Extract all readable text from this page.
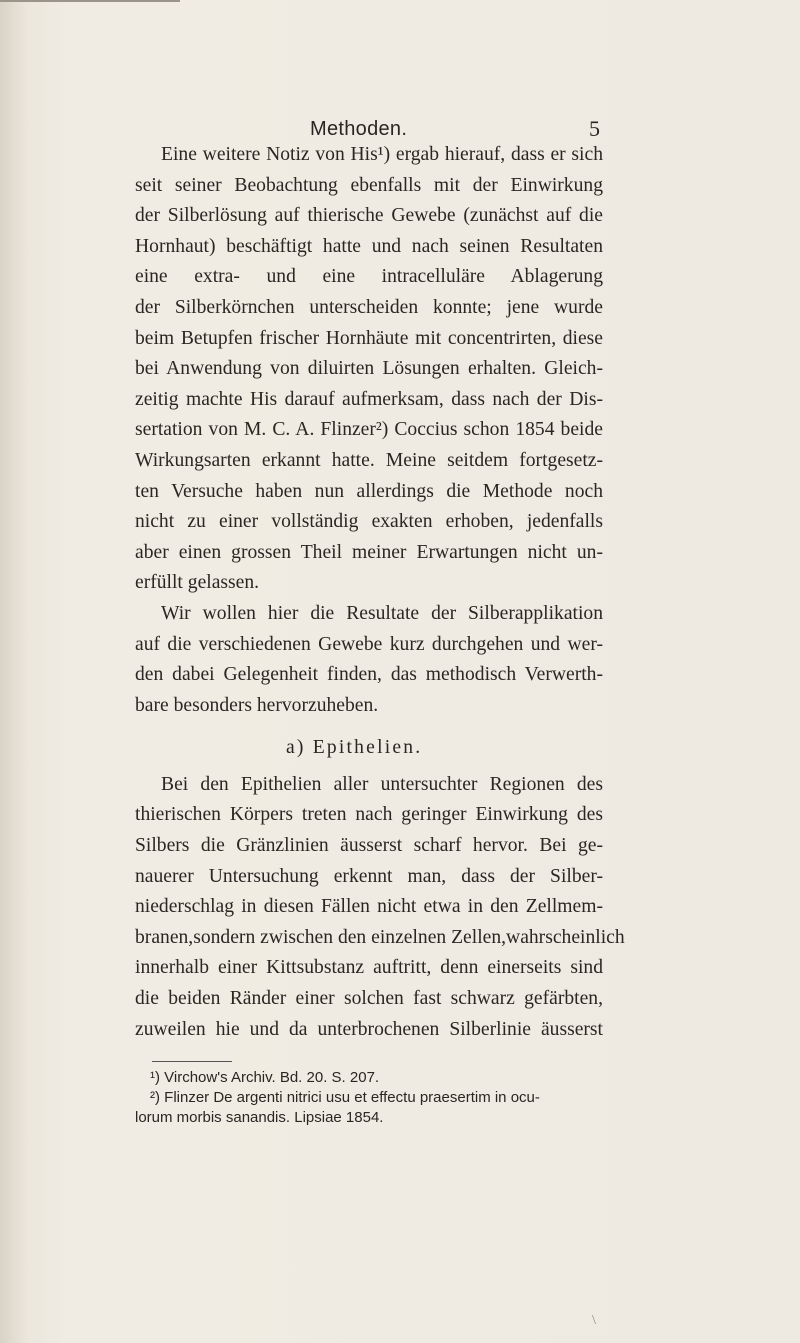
Methoden.	5
Eine weitere Notiz von His¹) ergab hierauf, dass er sich
seit seiner Beobachtung ebenfalls mit der Einwirkung
der Silberlösung auf thierische Gewebe (zunächst auf die
Hornhaut) beschäftigt hatte und nach seinen Resultaten
eine extra- und eine intracelluläre Ablagerung
der Silberkörnchen unterscheiden konnte; jene wurde
beim Betupfen frischer Hornhäute mit concentrirten, diese
bei Anwendung von diluirten Lösungen erhalten. Gleich-
zeitig machte His darauf aufmerksam, dass nach der Dis-
sertation von M. C. A. Flinzer²) Coccius schon 1854 beide
Wirkungsarten erkannt hatte. Meine seitdem fortgesetz-
ten Versuche haben nun allerdings die Methode noch
nicht zu einer vollständig exakten erhoben, jedenfalls
aber einen grossen Theil meiner Erwartungen nicht un-
erfüllt gelassen.
Wir wollen hier die Resultate der Silberapplikation
auf die verschiedenen Gewebe kurz durchgehen und wer-
den dabei Gelegenheit finden, das methodisch Verwerth-
bare besonders hervorzuheben.
a) Epithelien.
Bei den Epithelien aller untersuchter Regionen des
thierischen Körpers treten nach geringer Einwirkung des
Silbers die Gränzlinien äusserst scharf hervor. Bei ge-
nauerer Untersuchung erkennt man, dass der Silber-
niederschlag in diesen Fällen nicht etwa in den Zellmem-
branen,sondern zwischen den einzelnen Zellen,wahrscheinlich
innerhalb einer Kittsubstanz auftritt, denn einerseits sind
die beiden Ränder einer solchen fast schwarz gefärbten,
zuweilen hie und da unterbrochenen Silberlinie äusserst
¹) Virchow's Archiv. Bd. 20. S. 207.
²) Flinzer De argenti nitrici usu et effectu praesertim in ocu-
lorum morbis sanandis. Lipsiae 1854.
\
